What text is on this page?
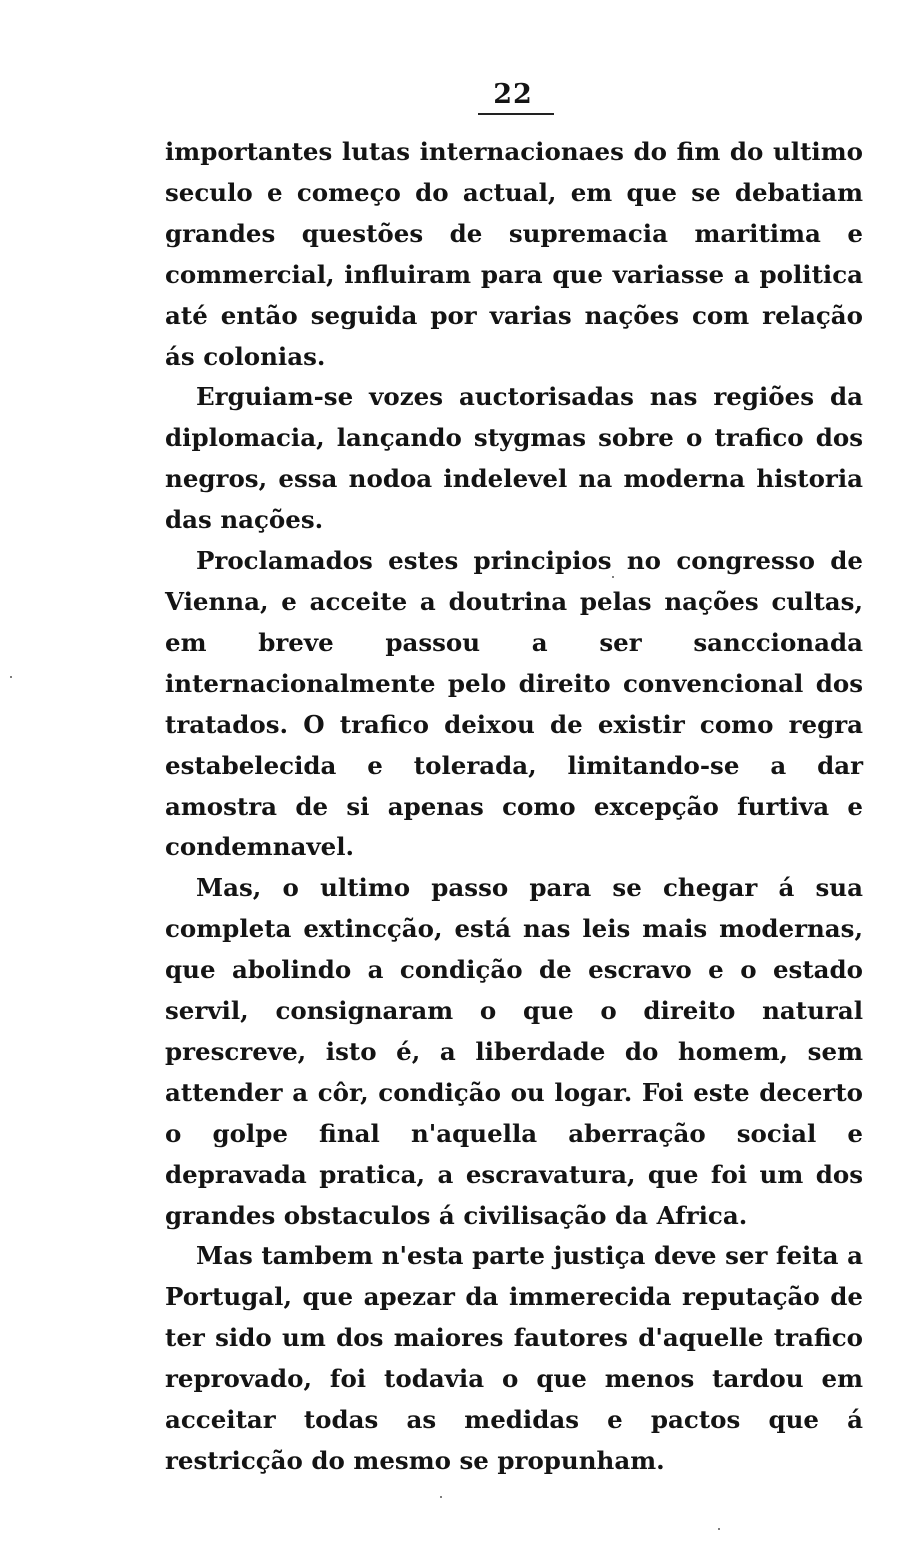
22

importantes lutas internacionaes do fim do ultimo seculo e começo do actual, em que se debatiam grandes questões de supremacia maritima e commercial, influiram para que variasse a politica até então seguida por varias nações com relação ás colonias.

Erguiam-se vozes auctorisadas nas regiões da diplomacia, lançando stygmas sobre o trafico dos negros, essa nodoa indelevel na moderna historia das nações.

Proclamados estes principios no congresso de Vienna, e acceite a doutrina pelas nações cultas, em breve passou a ser sanccionada internacionalmente pelo direito convencional dos tratados. O trafico deixou de existir como regra estabelecida e tolerada, limitando-se a dar amostra de si apenas como excepção furtiva e condemnavel.

Mas, o ultimo passo para se chegar á sua completa extincção, está nas leis mais modernas, que abolindo a condição de escravo e o estado servil, consignaram o que o direito natural prescreve, isto é, a liberdade do homem, sem attender a côr, condição ou logar. Foi este decerto o golpe final n'aquella aberração social e depravada pratica, a escravatura, que foi um dos grandes obstaculos á civilisação da Africa.

Mas tambem n'esta parte justiça deve ser feita a Portugal, que apezar da immerecida reputação de ter sido um dos maiores fautores d'aquelle trafico reprovado, foi todavia o que menos tardou em acceitar todas as medidas e pactos que á restricção do mesmo se propunham.
